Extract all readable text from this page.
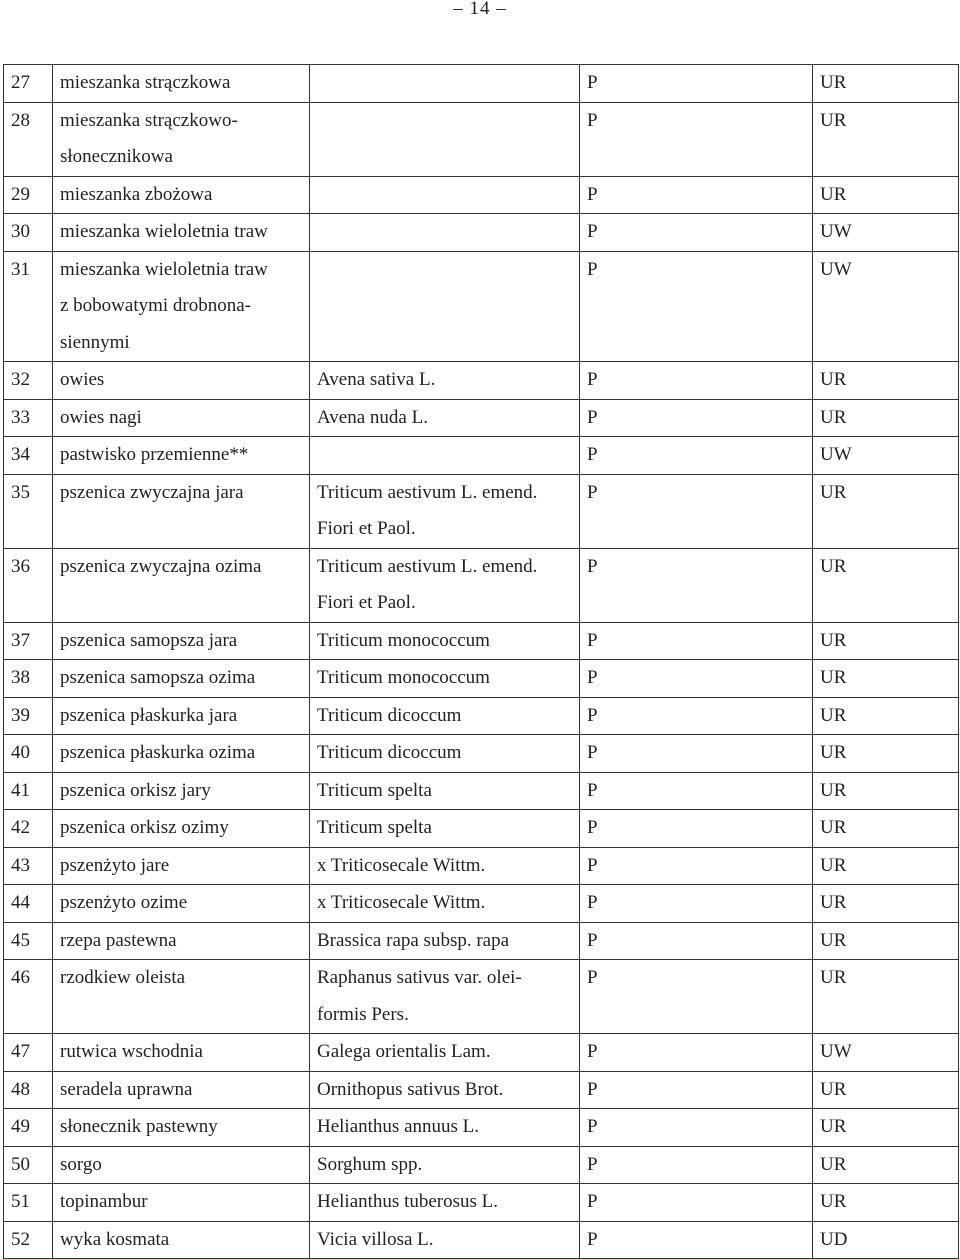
– 14 –
27	mieszanka strączkowa		P	UR
28	mieszanka strączkowo-
słonecznikowa		P	UR
29	mieszanka zbożowa		P	UR
30	mieszanka wieloletnia traw		P	UW
31	mieszanka wieloletnia traw
z bobowatymi drobnona-
siennymi		P	UW
32	owies	Avena sativa L.	P	UR
33	owies nagi	Avena nuda L.	P	UR
34	pastwisko przemienne**		P	UW
35	pszenica zwyczajna jara	Triticum aestivum L. emend.
Fiori et Paol.	P	UR
36	pszenica zwyczajna ozima	Triticum aestivum L. emend.
Fiori et Paol.	P	UR
37	pszenica samopsza jara	Triticum monococcum	P	UR
38	pszenica samopsza ozima	Triticum monococcum	P	UR
39	pszenica płaskurka jara	Triticum dicoccum	P	UR
40	pszenica płaskurka ozima	Triticum dicoccum	P	UR
41	pszenica orkisz jary	Triticum spelta	P	UR
42	pszenica orkisz ozimy	Triticum spelta	P	UR
43	pszenżyto jare	x Triticosecale Wittm.	P	UR
44	pszenżyto ozime	x Triticosecale Wittm.	P	UR
45	rzepa pastewna	Brassica rapa subsp. rapa	P	UR
46	rzodkiew oleista	Raphanus sativus var. olei-
formis Pers.	P	UR
47	rutwica wschodnia	Galega orientalis Lam.	P	UW
48	seradela uprawna	Ornithopus sativus Brot.	P	UR
49	słonecznik pastewny	Helianthus annuus L.	P	UR
50	sorgo	Sorghum spp.	P	UR
51	topinambur	Helianthus tuberosus L.	P	UR
52	wyka kosmata	Vicia villosa L.	P	UD
